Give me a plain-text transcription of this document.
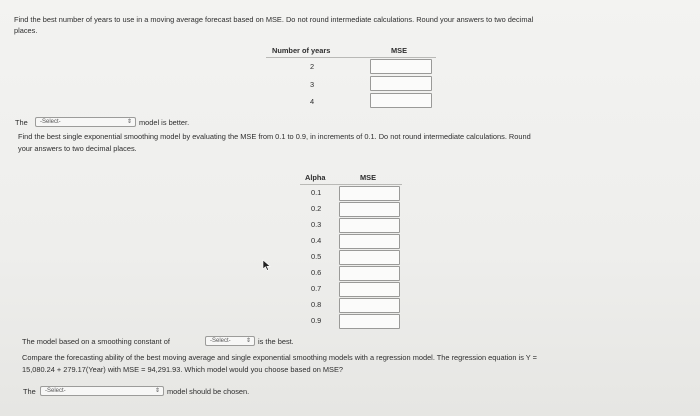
Find the best number of years to use in a moving average forecast based on MSE. Do not round intermediate calculations. Round your answers to two decimal
places.
Number of years	MSE
2
3
4
The	-Select-	⇕ model is better.
Find the best single exponential smoothing model by evaluating the MSE from 0.1 to 0.9, in increments of 0.1. Do not round intermediate calculations. Round
your answers to two decimal places.
Alpha	MSE
0.1
0.2
0.3
0.4
0.5
0.6
0.7
0.8
0.9
The model based on a smoothing constant of	-Select-	⇕ is the best.
Compare the forecasting ability of the best moving average and single exponential smoothing models with a regression model. The regression equation is Y =
15,080.24 + 279.17(Year) with MSE = 94,291.93. Which model would you choose based on MSE?
The	-Select-	⇕ model should be chosen.
